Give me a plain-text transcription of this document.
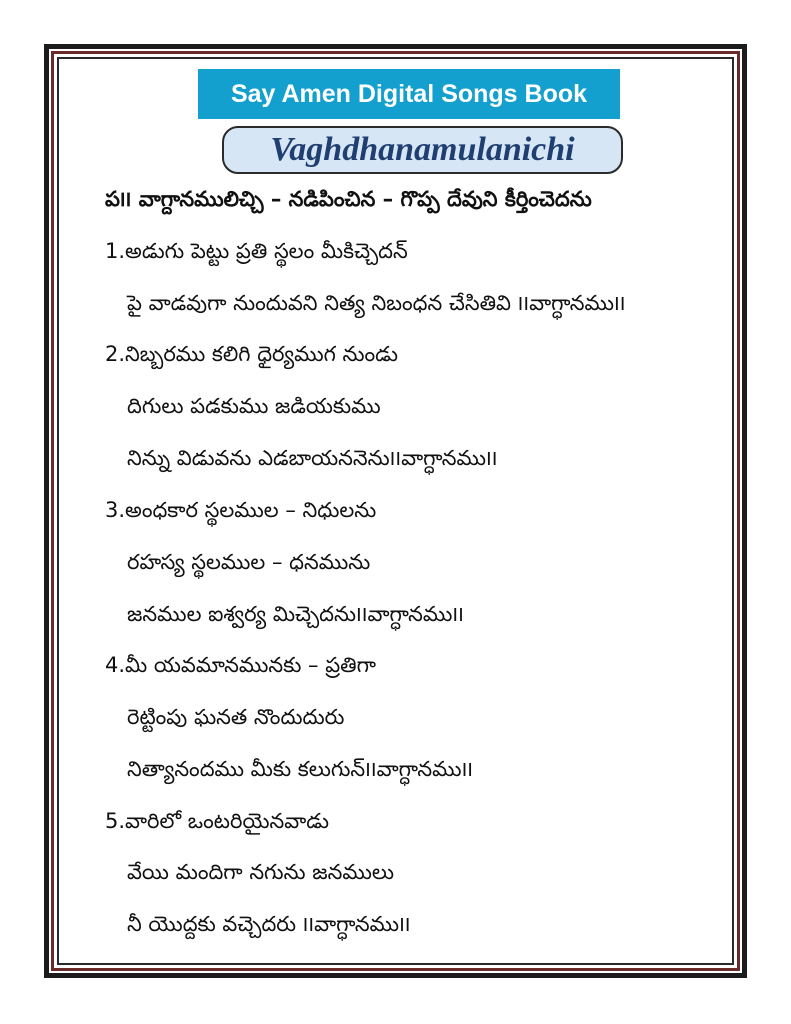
Say Amen Digital Songs Book
Vaghdhanamulanichi
ప౹౹ వాగ్దానములిచ్చి – నడిపించిన – గొప్ప దేవుని కీర్తించెదను
1.అడుగు పెట్టు ప్రతి స్థలం మీకిచ్చెదన్
పై వాడవుగా నుందువని నిత్య నిబంధన చేసితివి ౹౹వాగ్ధానము౹౹
2.నిబ్బరము కలిగి ధైర్యముగ నుండు
దిగులు పడకుము జడియకుము
నిన్ను విడువను ఎడబాయననెను౹౹వాగ్ధానము౹౹
3.అంధకార స్థలముల – నిధులను
రహస్య స్థలముల – ధనమును
జనముల ఐశ్వర్య మిచ్చెదను౹౹వాగ్ధానము౹౹
4.మీ యవమానమునకు – ప్రతిగా
రెట్టింపు ఘనత నొందుదురు
నిత్యానందము మీకు కలుగున్౹౹వాగ్ధానము౹౹
5.వారిలో ఒంటరియైనవాడు
వేయి మందిగా నగును జనములు
నీ యొద్దకు వచ్చెదరు ౹౹వాగ్ధానము౹౹
